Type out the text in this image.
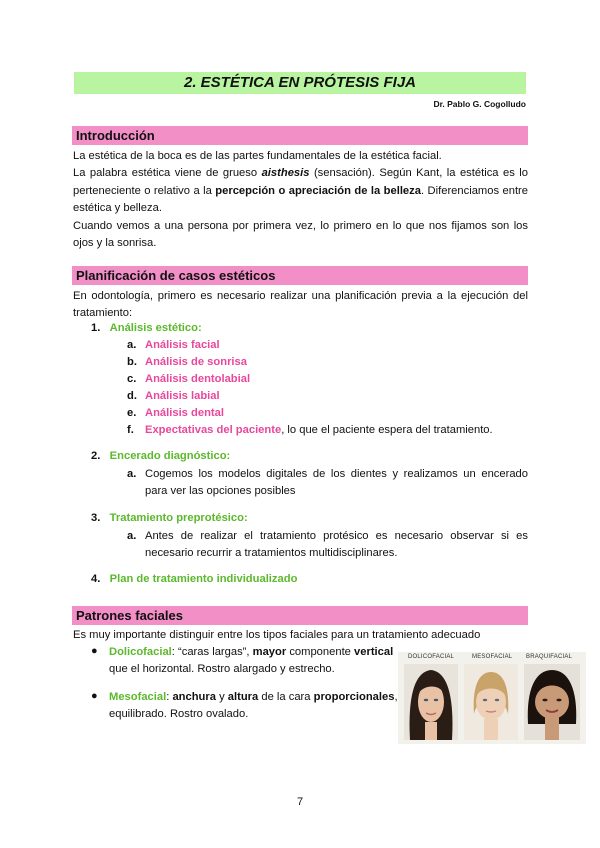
2. ESTÉTICA EN PRÓTESIS FIJA
Dr. Pablo G. Cogolludo
Introducción
La estética de la boca es de las partes fundamentales de la estética facial.
La palabra estética viene de grueso aisthesis (sensación). Según Kant, la estética es lo perteneciente o relativo a la percepción o apreciación de la belleza. Diferenciamos entre estética y belleza.
Cuando vemos a una persona por primera vez, lo primero en lo que nos fijamos son los ojos y la sonrisa.
Planificación de casos estéticos
En odontología, primero es necesario realizar una planificación previa a la ejecución del tratamiento:
1. Análisis estético:
a. Análisis facial
b. Análisis de sonrisa
c. Análisis dentolabial
d. Análisis labial
e. Análisis dental
f. Expectativas del paciente, lo que el paciente espera del tratamiento.
2. Encerado diagnóstico:
a. Cogemos los modelos digitales de los dientes y realizamos un encerado para ver las opciones posibles
3. Tratamiento preprotésico:
a. Antes de realizar el tratamiento protésico es necesario observar si es necesario recurrir a tratamientos multidisciplinares.
4. Plan de tratamiento individualizado
Patrones faciales
Es muy importante distinguir entre los tipos faciales para un tratamiento adecuado
● Dolicofacial: “caras largas”, mayor componente vertical
que el horizontal. Rostro alargado y estrecho.
● Mesofacial: anchura y altura de la cara proporcionales,
equilibrado. Rostro ovalado.
DOLICOFACIAL	MESOFACIAL BRAQUIFACIAL
7
